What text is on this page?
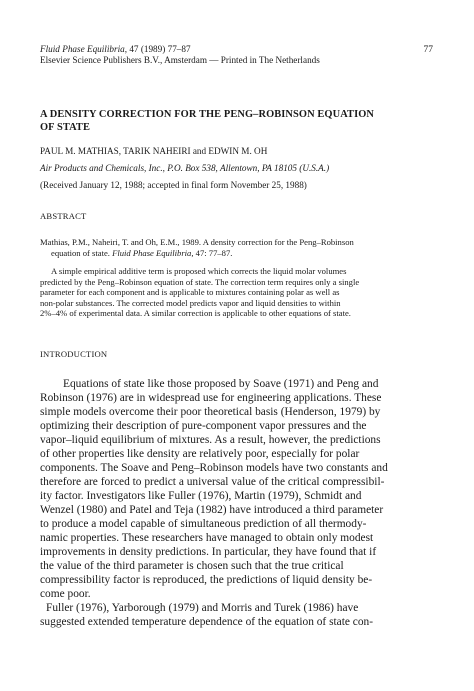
Fluid Phase Equilibria, 47 (1989) 77–87
Elsevier Science Publishers B.V., Amsterdam — Printed in The Netherlands
77
A DENSITY CORRECTION FOR THE PENG–ROBINSON EQUATION
OF STATE
PAUL M. MATHIAS, TARIK NAHEIRI and EDWIN M. OH
Air Products and Chemicals, Inc., P.O. Box 538, Allentown, PA 18105 (U.S.A.)
(Received January 12, 1988; accepted in final form November 25, 1988)
ABSTRACT
Mathias, P.M., Naheiri, T. and Oh, E.M., 1989. A density correction for the Peng–Robinson
equation of state. Fluid Phase Equilibria, 47: 77–87.
A simple empirical additive term is proposed which corrects the liquid molar volumes
predicted by the Peng–Robinson equation of state. The correction term requires only a single
parameter for each component and is applicable to mixtures containing polar as well as
non-polar substances. The corrected model predicts vapor and liquid densities to within
2%–4% of experimental data. A similar correction is applicable to other equations of state.
INTRODUCTION
Equations of state like those proposed by Soave (1971) and Peng and
Robinson (1976) are in widespread use for engineering applications. These
simple models overcome their poor theoretical basis (Henderson, 1979) by
optimizing their description of pure-component vapor pressures and the
vapor–liquid equilibrium of mixtures. As a result, however, the predictions
of other properties like density are relatively poor, especially for polar
components. The Soave and Peng–Robinson models have two constants and
therefore are forced to predict a universal value of the critical compressibil-
ity factor. Investigators like Fuller (1976), Martin (1979), Schmidt and
Wenzel (1980) and Patel and Teja (1982) have introduced a third parameter
to produce a model capable of simultaneous prediction of all thermody-
namic properties. These researchers have managed to obtain only modest
improvements in density predictions. In particular, they have found that if
the value of the third parameter is chosen such that the true critical
compressibility factor is reproduced, the predictions of liquid density be-
come poor.
Fuller (1976), Yarborough (1979) and Morris and Turek (1986) have
suggested extended temperature dependence of the equation of state con-
